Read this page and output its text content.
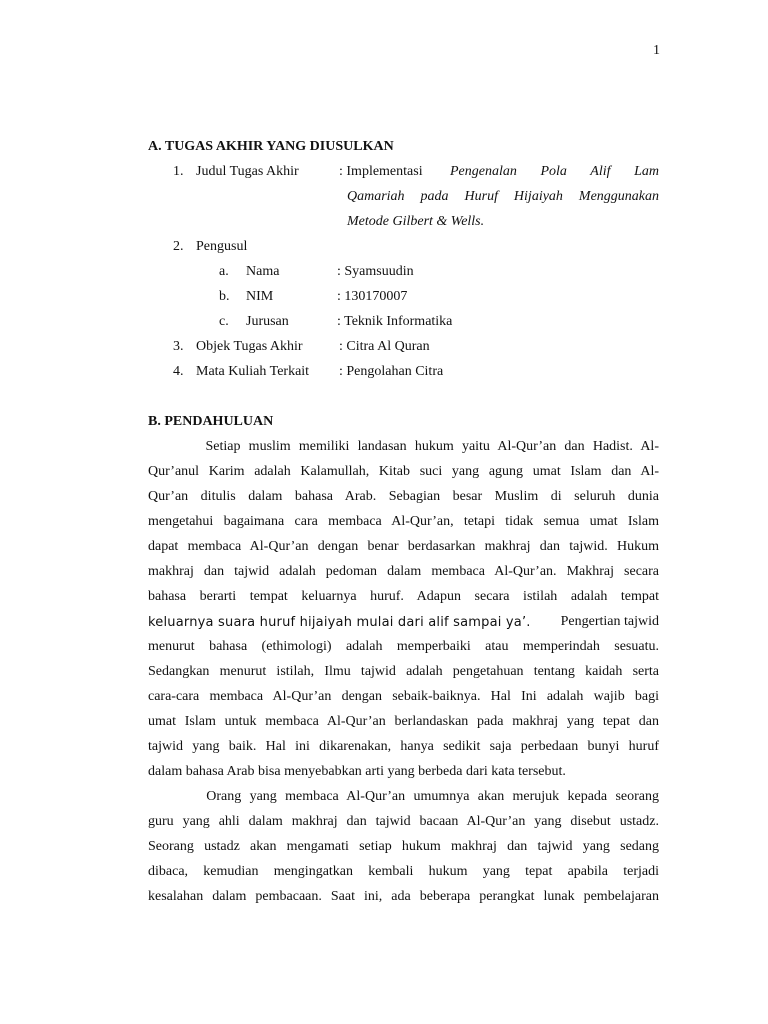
1
A. TUGAS AKHIR YANG DIUSULKAN
1. Judul Tugas Akhir	: Implementasi Pengenalan Pola Alif Lam
Qamariah pada Huruf Hijaiyah Menggunakan
Metode Gilbert & Wells.
2. Pengusul
a. Nama	: Syamsuudin
b. NIM	: 130170007
c. Jurusan	: Teknik Informatika
3. Objek Tugas Akhir	: Citra Al Quran
4. Mata Kuliah Terkait : Pengolahan Citra
B. PENDAHULUAN
Setiap muslim memiliki landasan hukum yaitu Al-Qur’an dan Hadist. Al-
Qur’anul Karim adalah Kalamullah, Kitab suci yang agung umat Islam dan Al-
Qur’an ditulis dalam bahasa Arab. Sebagian besar Muslim di seluruh dunia
mengetahui bagaimana cara membaca Al-Qur’an, tetapi tidak semua umat Islam
dapat membaca Al-Qur’an dengan benar berdasarkan makhraj dan tajwid. Hukum
makhraj dan tajwid adalah pedoman dalam membaca Al-Qur’an. Makhraj secara
bahasa berarti tempat keluarnya huruf. Adapun secara istilah adalah tempat
keluarnya suara huruf hijaiyah mulai dari alif sampai ya’.	Pengertian tajwid
menurut bahasa (ethimologi) adalah memperbaiki atau memperindah sesuatu.
Sedangkan menurut istilah, Ilmu tajwid adalah pengetahuan tentang kaidah serta
cara-cara membaca Al-Qur’an dengan sebaik-baiknya. Hal Ini adalah wajib bagi
umat Islam untuk membaca Al-Qur’an berlandaskan pada makhraj yang tepat dan
tajwid yang baik. Hal ini dikarenakan, hanya sedikit saja perbedaan bunyi huruf
dalam bahasa Arab bisa menyebabkan arti yang berbeda dari kata tersebut.
Orang yang membaca Al-Qur’an umumnya akan merujuk kepada seorang
guru yang ahli dalam makhraj dan tajwid bacaan Al-Qur’an yang disebut ustadz.
Seorang ustadz akan mengamati setiap hukum makhraj dan tajwid yang sedang
dibaca, kemudian mengingatkan kembali hukum yang tepat apabila terjadi
kesalahan dalam pembacaan. Saat ini, ada beberapa perangkat lunak pembelajaran
